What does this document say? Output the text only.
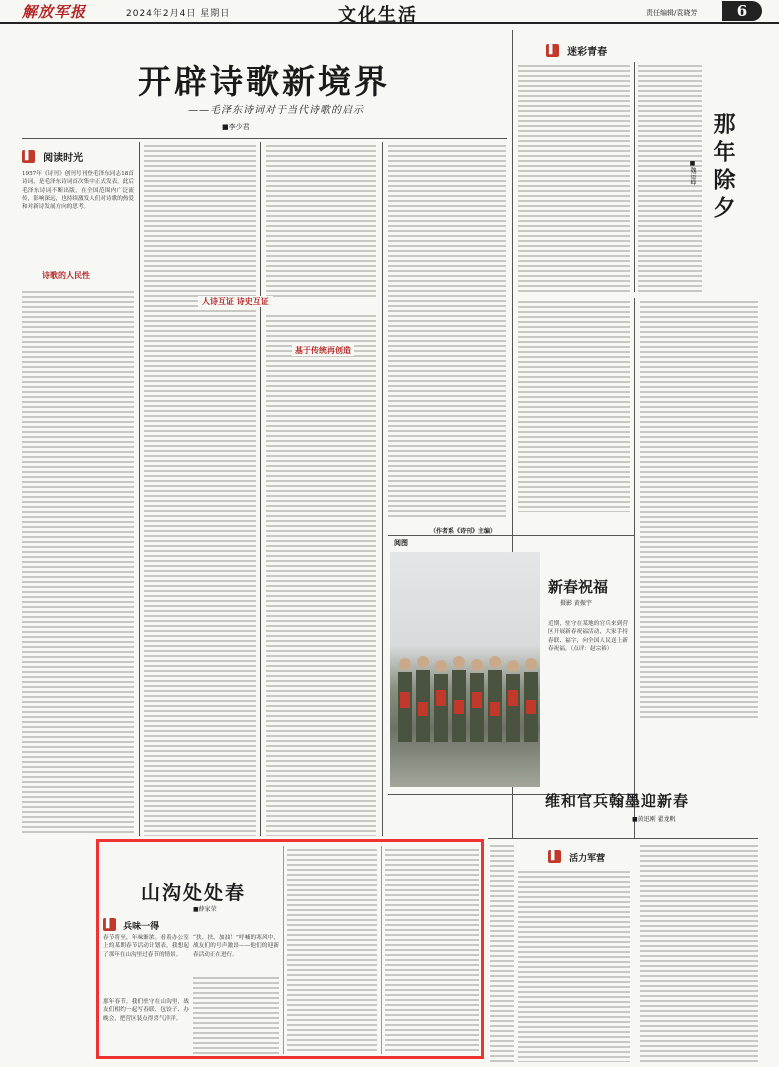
解放军报	2024年2月4日 星期日	文化生活	责任编辑/袁晓芳	6
开辟诗歌新境界
——毛泽东诗词对于当代诗歌的启示
■李少君
▌ 阅读时光
1957年《诗刊》创刊号刊登毛泽东同志18首诗词，是毛泽东诗词首次集中正式发表。此后毛泽东诗词不断出版，在全国范围内广泛流传，影响深远，也持续激发人们对诗歌的热爱和对新诗发展方向的思考。
诗歌的人民性
人诗互证 诗史互证
基于传统再创造
（作者系《诗刊》主编）
▌ 迷彩青春
那年除夕
■魏运峰
阅图
新春祝福
摄影 黄振宇
近期，驻守在某地的官兵来到营区开展新春祝福活动，大家手持春联、福字，向全国人民送上新春祝福。（点评：赵宗裕）
维和官兵翰墨迎新春
■黄迅刚 翟龙帆
▌ 活力军营
山沟处处春
■薛家荣
▌ 兵味一得
春节将至，年味渐浓。看着办公室上的某期春节活动计划表，我想起了那年在山沟里过春节的情景。
那年春节，我们驻守在山沟里，战友们相约一起写春联、包饺子、办晚会，把营区装点得喜气洋洋。
“扶、扶、加油！”呼喊的寒风中，战友们的号声激昂——他们的迎新春活动正在进行。
